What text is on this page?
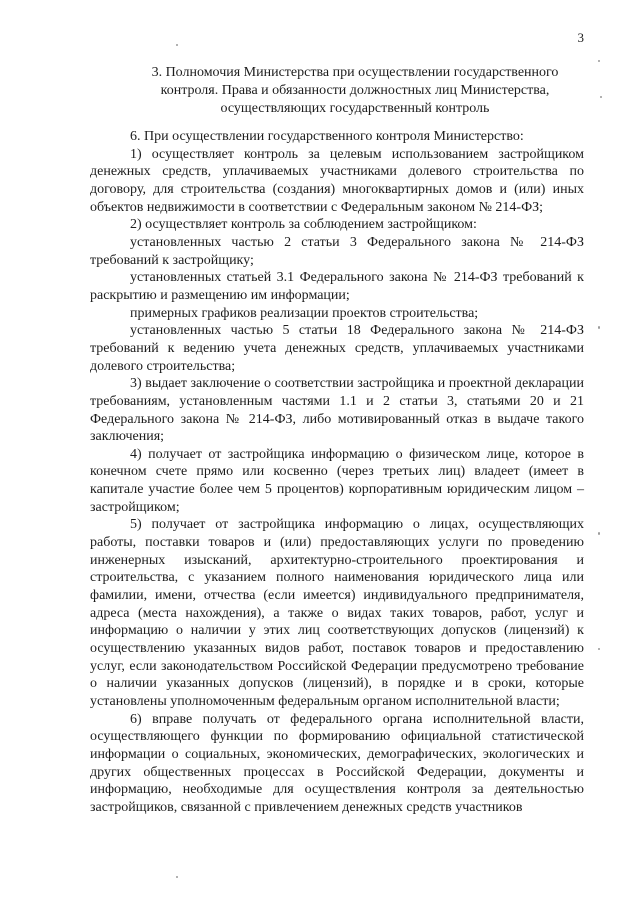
3
3. Полномочия Министерства при осуществлении государственного
контроля. Права и обязанности должностных лиц Министерства,
осуществляющих государственный контроль

6. При осуществлении государственного контроля Министерство:

1) осуществляет контроль за целевым использованием застройщиком денежных средств, уплачиваемых участниками долевого строительства по договору, для строительства (создания) многоквартирных домов и (или) иных объектов недвижимости в соответствии с Федеральным законом № 214-ФЗ;

2) осуществляет контроль за соблюдением застройщиком:

установленных частью 2 статьи 3 Федерального закона № 214-ФЗ требований к застройщику;

установленных статьей 3.1 Федерального закона № 214-ФЗ требований к раскрытию и размещению им информации;

примерных графиков реализации проектов строительства;

установленных частью 5 статьи 18 Федерального закона № 214-ФЗ требований к ведению учета денежных средств, уплачиваемых участниками долевого строительства;

3) выдает заключение о соответствии застройщика и проектной декларации требованиям, установленным частями 1.1 и 2 статьи 3, статьями 20 и 21 Федерального закона № 214-ФЗ, либо мотивированный отказ в выдаче такого заключения;

4) получает от застройщика информацию о физическом лице, которое в конечном счете прямо или косвенно (через третьих лиц) владеет (имеет в капитале участие более чем 5 процентов) корпоративным юридическим лицом – застройщиком;

5) получает от застройщика информацию о лицах, осуществляющих работы, поставки товаров и (или) предоставляющих услуги по проведению инженерных изысканий, архитектурно-строительного проектирования и строительства, с указанием полного наименования юридического лица или фамилии, имени, отчества (если имеется) индивидуального предпринимателя, адреса (места нахождения), а также о видах таких товаров, работ, услуг и информацию о наличии у этих лиц соответствующих допусков (лицензий) к осуществлению указанных видов работ, поставок товаров и предоставлению услуг, если законодательством Российской Федерации предусмотрено требование о наличии указанных допусков (лицензий), в порядке и в сроки, которые установлены уполномоченным федеральным органом исполнительной власти;

6) вправе получать от федерального органа исполнительной власти, осуществляющего функции по формированию официальной статистической информации о социальных, экономических, демографических, экологических и других общественных процессах в Российской Федерации, документы и информацию, необходимые для осуществления контроля за деятельностью застройщиков, связанной с привлечением денежных средств участников
